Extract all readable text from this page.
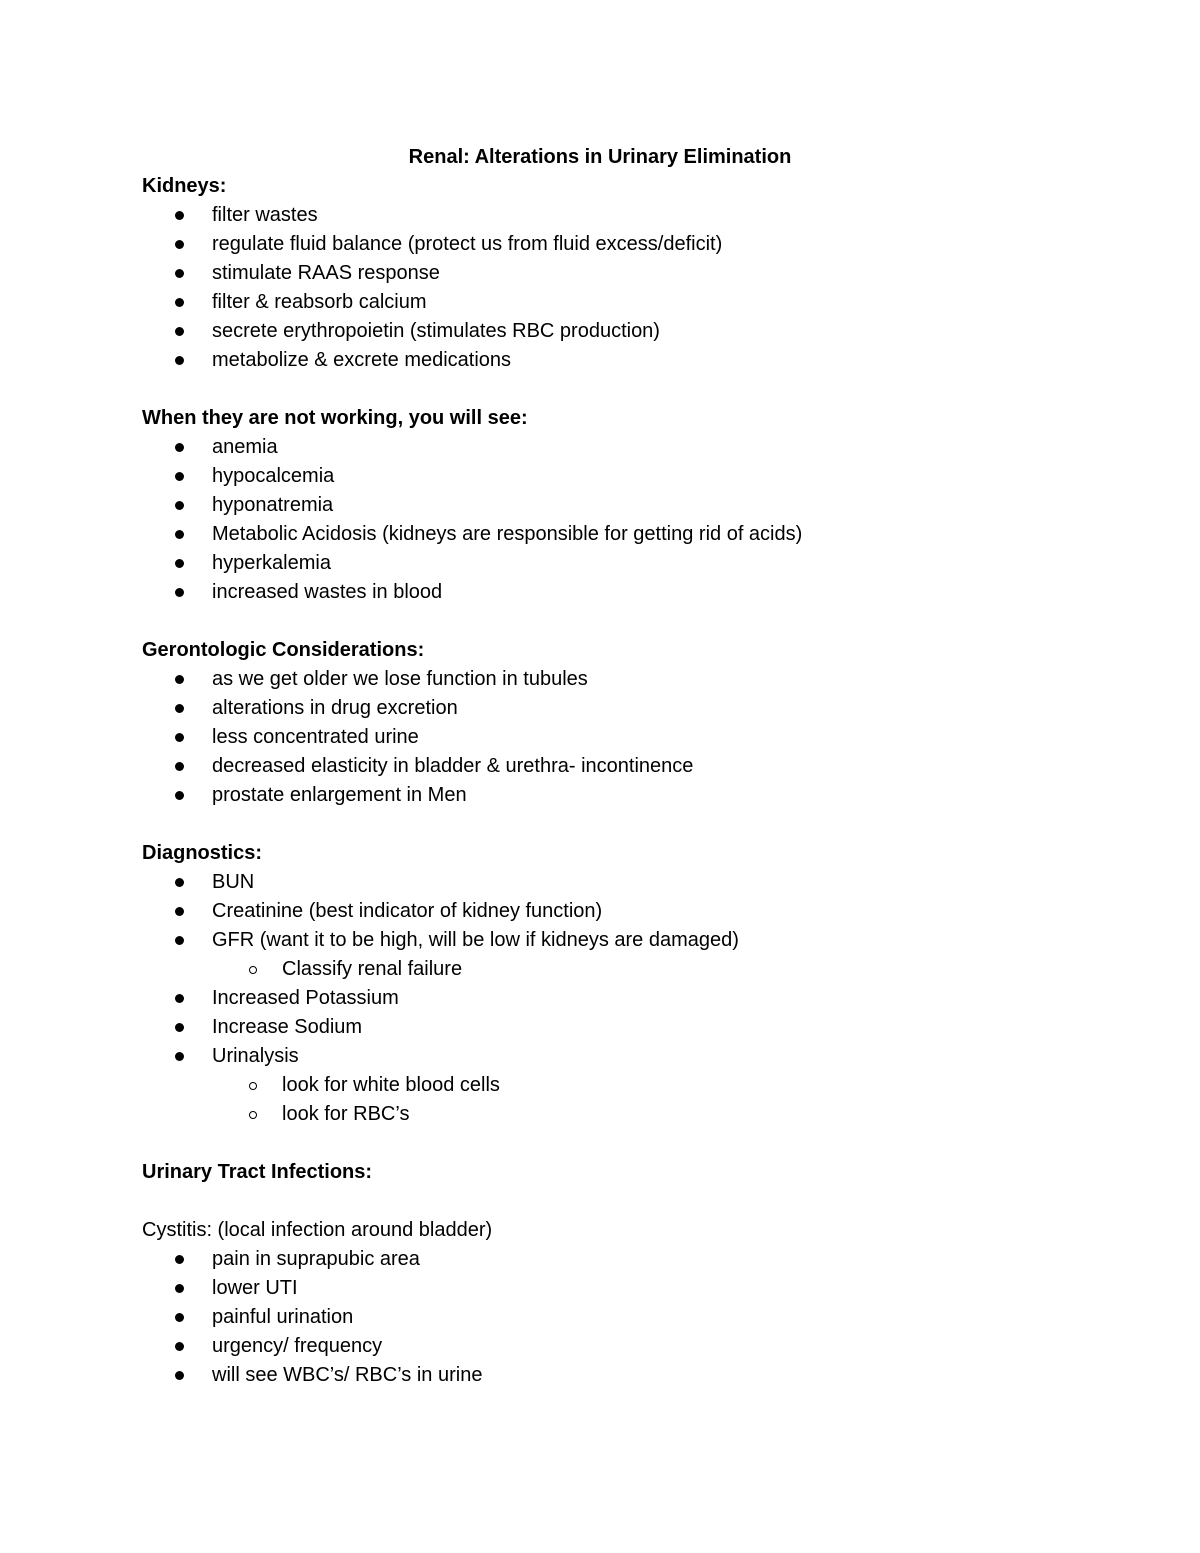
Renal: Alterations in Urinary Elimination
Kidneys:
filter wastes
regulate fluid balance (protect us from fluid excess/deficit)
stimulate RAAS response
filter & reabsorb calcium
secrete erythropoietin (stimulates RBC production)
metabolize & excrete medications
When they are not working, you will see:
anemia
hypocalcemia
hyponatremia
Metabolic Acidosis (kidneys are responsible for getting rid of acids)
hyperkalemia
increased wastes in blood
Gerontologic Considerations:
as we get older we lose function in tubules
alterations in drug excretion
less concentrated urine
decreased elasticity in bladder & urethra- incontinence
prostate enlargement in Men
Diagnostics:
BUN
Creatinine (best indicator of kidney function)
GFR (want it to be high, will be low if kidneys are damaged)
Classify renal failure
Increased Potassium
Increase Sodium
Urinalysis
look for white blood cells
look for RBC’s
Urinary Tract Infections:
Cystitis: (local infection around bladder)
pain in suprapubic area
lower UTI
painful urination
urgency/ frequency
will see WBC’s/ RBC’s in urine
